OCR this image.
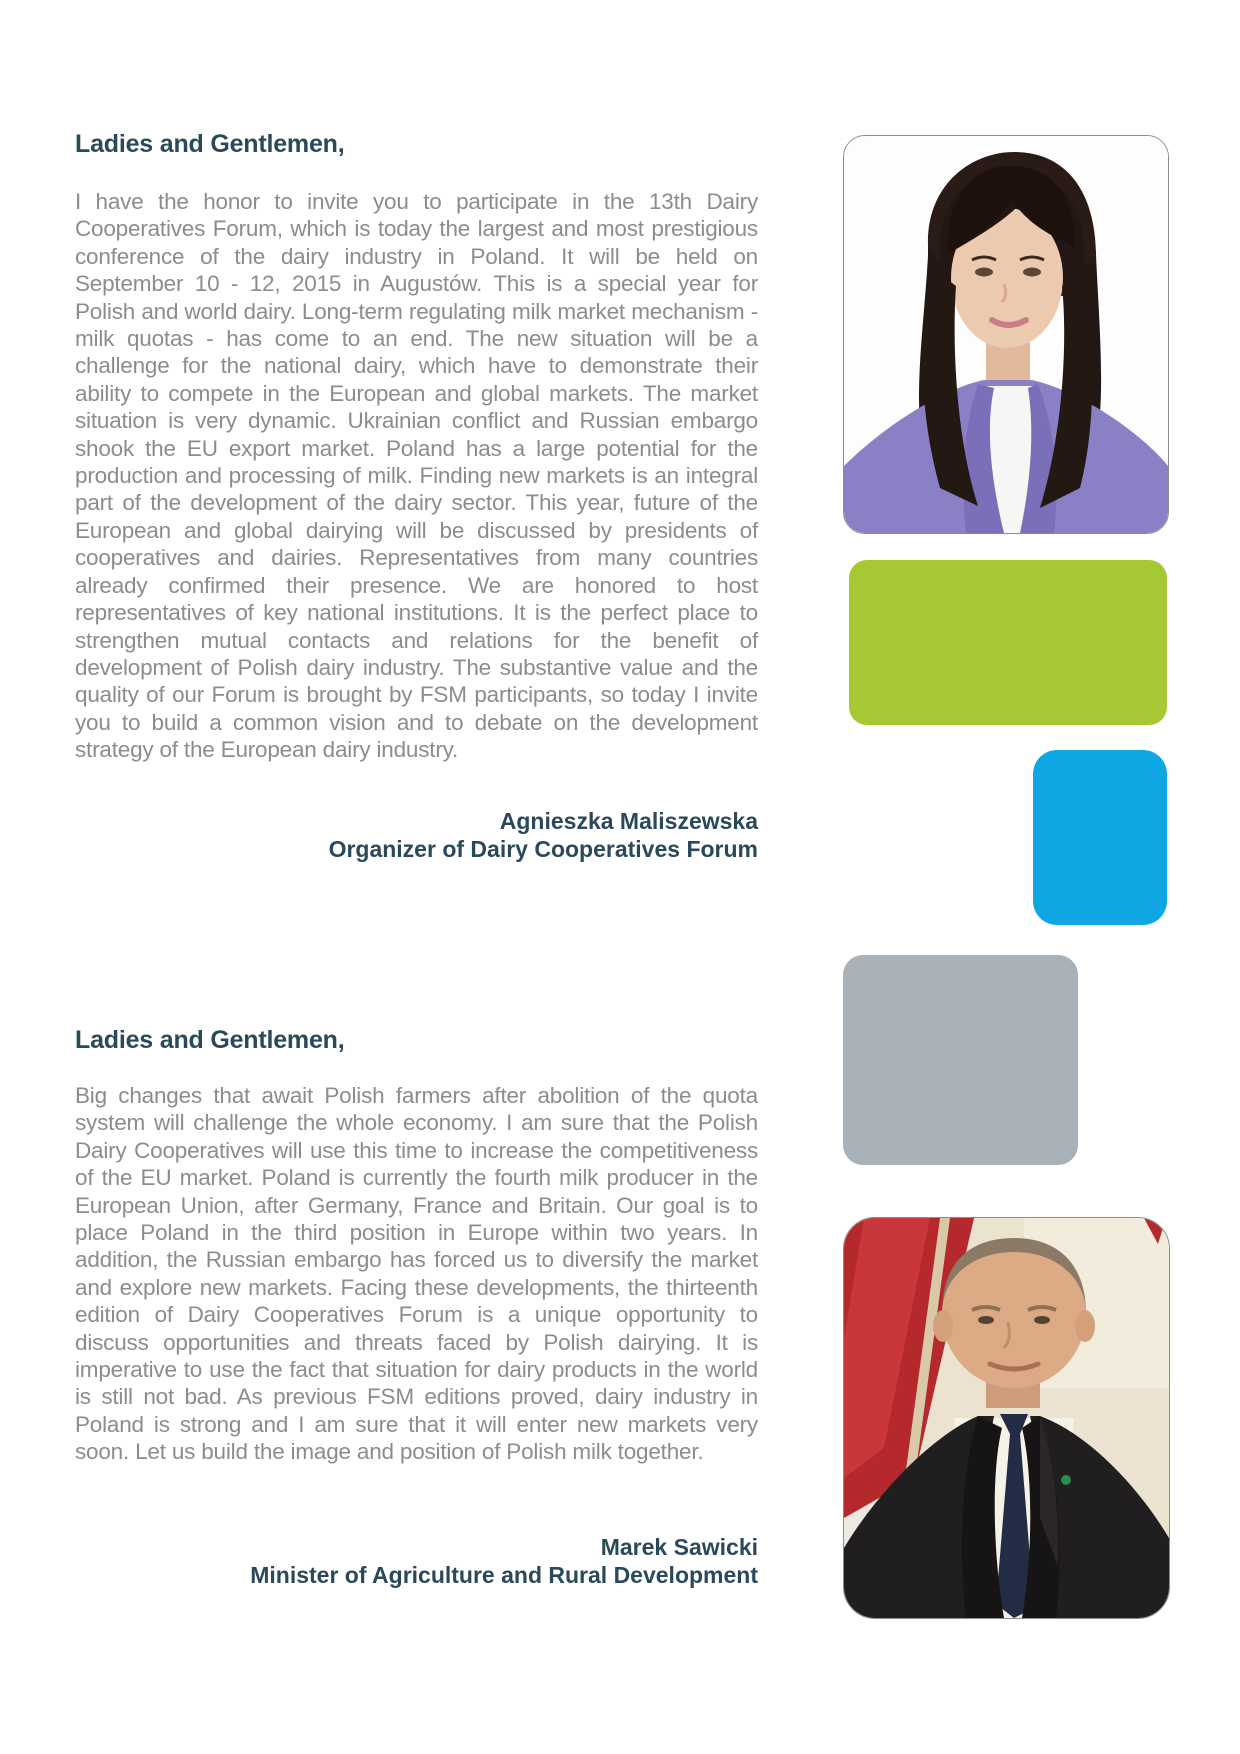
Ladies and Gentlemen,
I have the honor to invite you to participate in the 13th Dairy Cooperatives Forum, which is today the largest and most prestigious conference of the dairy industry in Poland. It will be held on September 10 - 12, 2015 in Augustów. This is a special year for Polish and world dairy. Long-term regulating milk market mechanism - milk quotas - has come to an end. The new situation will be a challenge for the national dairy, which have to demonstrate their ability to compete in the European and global markets. The market situation is very dynamic. Ukrainian conflict and Russian embargo shook the EU export market. Poland has a large potential for the production and processing of milk. Finding new markets is an integral part of the development of the dairy sector. This year, future of the European and global dairying will be discussed by presidents of cooperatives and dairies. Representatives from many countries already confirmed their presence. We are honored to host representatives of key national institutions. It is the perfect place to strengthen mutual contacts and relations for the benefit of development of Polish dairy industry. The substantive value and the quality of our Forum is brought by FSM participants, so today I invite you to build a common vision and to debate on the development strategy of the European dairy industry.
Agnieszka Maliszewska
Organizer of Dairy Cooperatives Forum
Ladies and Gentlemen,
Big changes that await Polish farmers after abolition of the quota system will challenge the whole economy. I am sure that the Polish Dairy Cooperatives will use this time to increase the competitiveness of the EU market. Poland is currently the fourth milk producer in the European Union, after Germany, France and Britain. Our goal is to place Poland in the third position in Europe within two years. In addition, the Russian embargo has forced us to diversify the market and explore new markets. Facing these developments, the thirteenth edition of Dairy Cooperatives Forum is a unique opportunity to discuss opportunities and threats faced by Polish dairying. It is imperative to use the fact that situation for dairy products in the world is still not bad. As previous FSM editions proved, dairy industry in Poland is strong and I am sure that it will enter new markets very soon. Let us build the image and position of Polish milk together.
Marek Sawicki
Minister of Agriculture and Rural Development
